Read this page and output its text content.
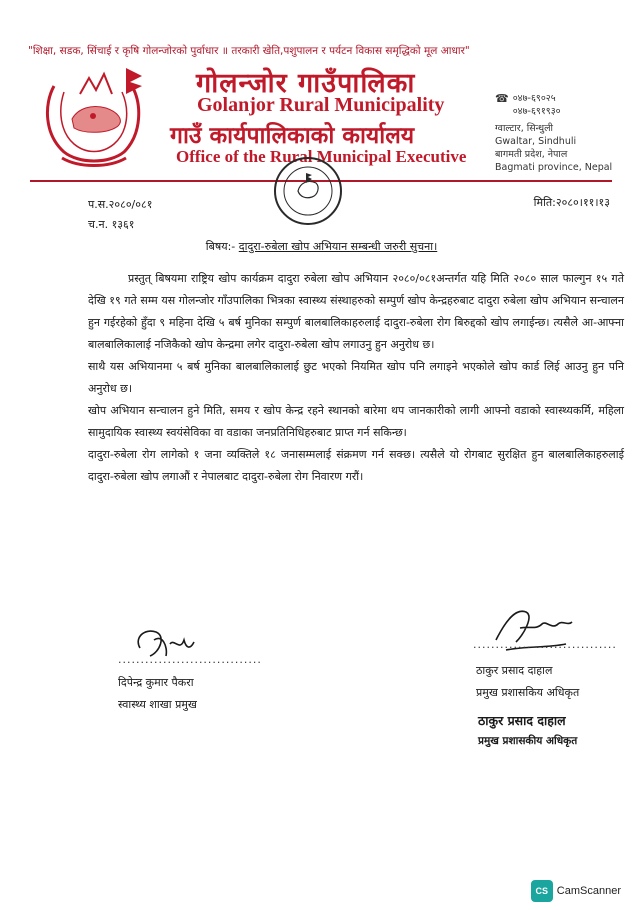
"शिक्षा, सडक, सिंचाई र कृषि गोलन्जोरको पुर्वाधार ॥ तरकारी खेति,पशुपालन र पर्यटन विकास समृद्धिको मूल आधार"
गोलन्जोर गाउँपालिका
Golanjor Rural Municipality
गाउँ कार्यपालिकाको कार्यालय
Office of the Rural Municipal Executive
☎ ०४७-६९०२५
०४७-६९१९३०
ग्वाल्टार, सिन्धुली
Gwaltar, Sindhuli
बागमती प्रदेश, नेपाल
Bagmati province, Nepal
प.स.२०८०/०८१
च.न. १३६१
मिति:२०८०।११।१३
बिषय:- दादुरा-रुबेला खोप अभियान सम्बन्धी जरुरी सुचना।

प्रस्तुत् बिषयमा राष्ट्रिय खोप कार्यक्रम दादुरा रुबेला खोप अभियान २०८०/०८१अन्तर्गत यहि मिति २०८० साल फाल्गुन १५ गते देखि १९ गते सम्म यस गोलन्जोर गाँउपालिका भित्रका स्वास्थ्य संस्थाहरुको सम्पुर्ण खोप केन्द्रहरुबाट दादुरा रुबेला खोप अभियान सन्चालन हुन गईरहेको हुँदा ९ महिना देखि ५ बर्ष मुनिका सम्पुर्ण बालबालिकाहरुलाई दादुरा-रुबेला रोग बिरुद्दको खोप लगाईन्छ। त्यसैले आ-आफ्ना बालबालिकालाई नजिकैको खोप केन्द्रमा लगेर दादुरा-रुबेला खोप लगाउनु हुन अनुरोध छ।

साथै यस अभियानमा ५ बर्ष मुनिका बालबालिकालाई छुट भएको नियमित खोप पनि लगाइने भएकोले खोप कार्ड लिई आउनु हुन पनि अनुरोध छ।

खोप अभियान सन्चालन हुने मिति, समय र खोप केन्द्र रहने स्थानको बारेमा थप जानकारीको लागी आफ्नो वडाको स्वास्थ्यकर्मि, महिला सामुदायिक स्वास्थ्य स्वयंसेविका वा वडाका जनप्रतिनिधिहरुबाट प्राप्त गर्न सकिन्छ।

दादुरा-रुबेला रोग लागेको १ जना व्यक्तिले १८ जनासम्मलाई संक्रमण गर्न सक्छ। त्यसैले यो रोगबाट सुरक्षित हुन बालबालिकाहरुलाई दादुरा-रुबेला खोप लगाऔं र नेपालबाट दादुरा-रुबेला रोग निवारण गरौं।

................................
................................
दिपेन्द्र कुमार पैकरा
स्वास्थ्य शाखा प्रमुख
ठाकुर प्रसाद दाहाल
प्रमुख प्रशासकिय अधिकृत
ठाकुर प्रसाद दाहाल
प्रमुख प्रशासकीय अधिकृत
CS CamScanner
